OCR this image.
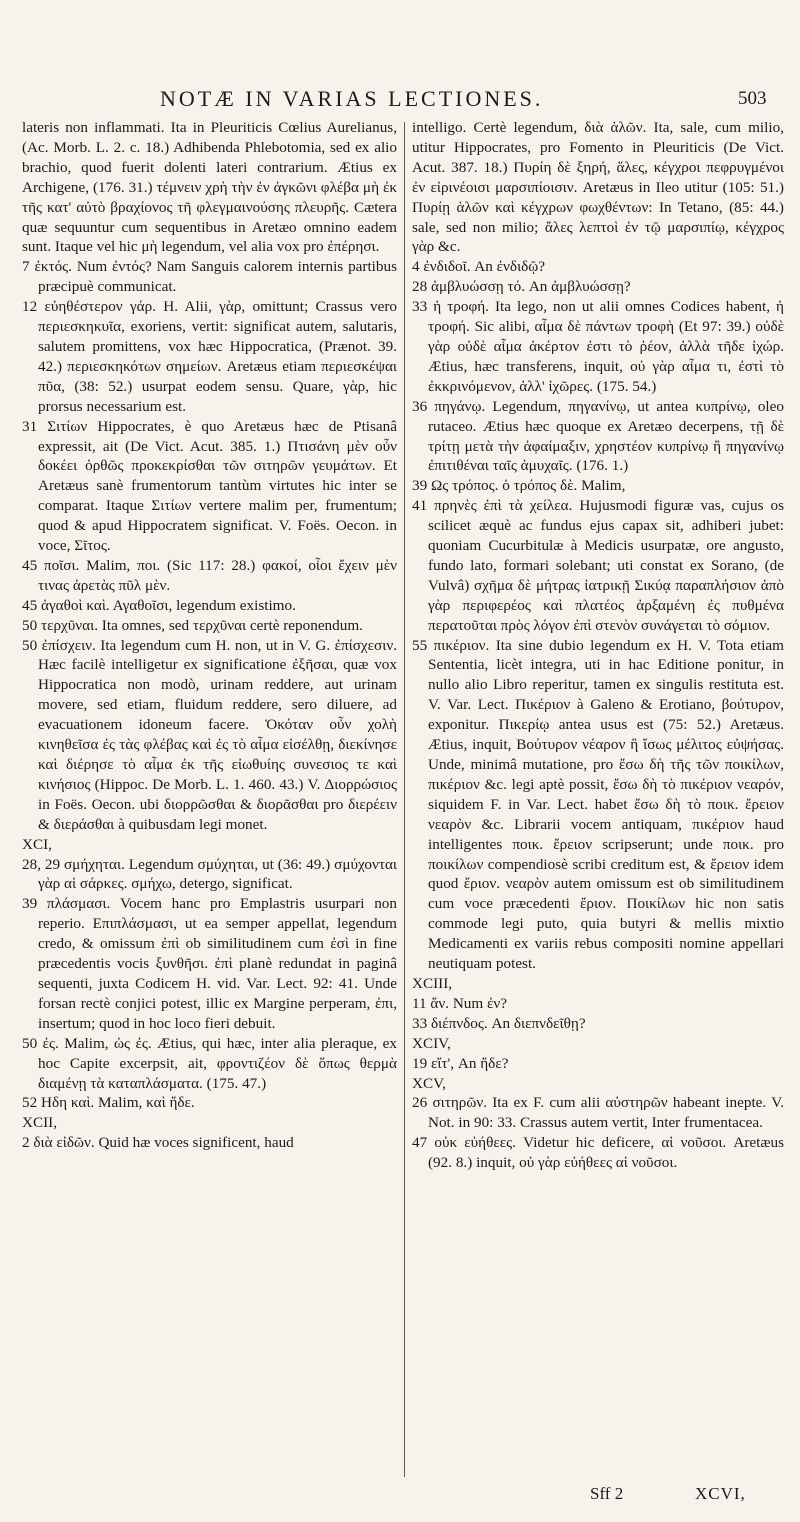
NOTÆ IN VARIAS LECTIONES.	503
lateris non inflammati. Ita in Pleuriticis Cœlius Aurelianus, (Ac. Morb. L. 2. c. 18.) Adhibenda Phlebotomia, sed ex alio brachio, quod fuerit dolenti lateri contrarium. Ætius ex Archigene, (176. 31.) τέμνειν χρὴ τὴν ἐν ἀγκῶνι φλέβα μὴ ἐκ τῆς κατ' αὐτὸ βραχίονος τῆ φλεγμαινούσης πλευρῆς. Cætera quæ sequuntur cum sequentibus in Aretæo omnino eadem sunt. Itaque vel hic μὴ legendum, vel alia vox pro ἐπέρησι.
7 ἐκτός. Num ἐντός? Nam Sanguis calorem internis partibus præcipuè communicat.
12 εὐηθέστερον γάρ. H. Alii, γὰρ, omittunt; Crassus vero περιεσκηκυῖα, exoriens, vertit: significat autem, salutaris, salutem promittens, vox hæc Hippocratica, (Prænot. 39. 42.) περιεσκηκότων σημείων. Aretæus etiam περιεσκέψαι πῦα, (38: 52.) usurpat eodem sensu. Quare, γὰρ, hic prorsus necessarium est.
31 Σιτίων Hippocrates, è quo Aretæus hæc de Ptisanâ expressit, ait (De Vict. Acut. 385. 1.) Πτισάνη μὲν οὖν δοκέει ὀρθῶς προκεκρίσθαι τῶν σιτηρῶν γευμάτων. Et Aretæus sanè frumentorum tantùm virtutes hic inter se comparat. Itaque Σιτίων vertere malim per, frumentum; quod & apud Hippocratem significat. V. Foës. Oecon. in voce, Σῖτος.
45 ποῖσι. Malim, ποι. (Sic 117: 28.) φακοί, οἶοι ἔχειν μὲν τινας ἀρετὰς πῦλ μὲν.
45 ἀγαθοὶ καὶ. Αγαθοῖσι, legendum existimo.
50 τερχῦναι. Ita omnes, sed τερχῦναι certè reponendum.
50 ἐπίσχειν. Ita legendum cum H. non, ut in V. G. ἐπίσχεσιν. Hæc facilè intelligetur ex significatione ἐξῆσαι, quæ vox Hippocratica non modò, urinam reddere, aut urinam movere, sed etiam, fluidum reddere, sero diluere, ad evacuationem idoneum facere. Ὁκόταν οὖν χολὴ κινηθεῖσα ἐς τὰς φλέβας καὶ ἐς τὸ αἷμα εἰσέλθῃ, διεκίνησε καὶ διέρησε τὸ αἷμα ἐκ τῆς εἰωθυίης συνεσιος τε καὶ κινήσιος (Hippoc. De Morb. L. 1. 460. 43.) V. Διορρώσιος in Foës. Oecon. ubi διορρῶσθαι & διορᾶσθαι pro διερέειν & διεράσθαι à quibusdam legi monet.
XCI,
28, 29 σμήχηται. Legendum σμύχηται, ut (36: 49.) σμύχονται γὰρ αἱ σάρκες. σμήχω, detergo, significat.
39 πλάσμασι. Vocem hanc pro Emplastris usurpari non reperio. Επιπλάσμασι, ut ea semper appellat, legendum credo, & omissum ἐπὶ ob similitudinem cum ἐσὶ in fine præcedentis vocis ξυνθῆσι. ἐπὶ planè redundat in paginâ sequenti, juxta Codicem H. vid. Var. Lect. 92: 41. Unde forsan rectè conjici potest, illic ex Margine perperam, ἐπι, insertum; quod in hoc loco fieri debuit.
50 ἐς. Malim, ὡς ἐς. Ætius, qui hæc, inter alia pleraque, ex hoc Capite excerpsit, ait, φροντιζέον δὲ ὅπως θερμὰ διαμένῃ τὰ καταπλάσματα. (175. 47.)
52 Ηδη καὶ. Malim, καὶ ἤδε.
XCII,
2 διὰ εἰδῶν. Quid hæ voces significent, haud
intelligo. Certè legendum, διὰ ἁλῶν. Ita, sale, cum milio, utitur Hippocrates, pro Fomento in Pleuriticis (De Vict. Acut. 387. 18.) Πυρίη δὲ ξηρή, ἅλες, κέγχροι πεφρυγμένοι ἐν εἰρινέοισι μαρσιπίοισιν. Aretæus in Ileo utitur (105: 51.) Πυρίῃ ἁλῶν καὶ κέγχρων φωχθέντων: In Tetano, (85: 44.) sale, sed non milio; ἅλες λεπτοὶ ἐν τῷ μαρσιπίῳ, κέγχρος γὰρ &c.
4 ἐνδιδοῖ. An ἐνδιδῷ?
28 ἀμβλυώσσῃ τό. An ἀμβλυώσσῃ?
33 ἡ τροφή. Ita lego, non ut alii omnes Codices habent, ἡ τροφή. Sic alibi, αἷμα δὲ πάντων τροφὴ (Et 97: 39.) οὐδὲ γὰρ οὐδὲ αἷμα ἀκέρτον ἐστι τὸ ῥέον, ἀλλὰ τῆδε ἰχώρ. Ætius, hæc transferens, inquit, οὐ γὰρ αἷμα τι, ἐστὶ τὸ ἐκκρινόμενον, ἀλλ' ἰχῶρες. (175. 54.)
36 πηγάνῳ. Legendum, πηγανίνῳ, ut antea κυπρίνῳ, oleo rutaceo. Ætius hæc quoque ex Aretæo decerpens, τῇ δὲ τρίτῃ μετὰ τὴν ἀφαίμαξιν, χρηστέον κυπρίνῳ ἢ πηγανίνῳ ἐπιτιθέναι ταῖς ἀμυχαῖς. (176. 1.)
39 Ως τρόπος. ὁ τρόπος δὲ. Malim,
41 πρηνὲς ἐπὶ τὰ χείλεα. Hujusmodi figuræ vas, cujus os scilicet æquè ac fundus ejus capax sit, adhiberi jubet: quoniam Cucurbitulæ à Medicis usurpatæ, ore angusto, fundo lato, formari solebant; uti constat ex Sorano, (de Vulvâ) σχῆμα δὲ μήτρας ἰατρικῇ Σικύᾳ παραπλήσιον ἀπὸ γὰρ περιφερέος καὶ πλατέος ἀρξαμένη ἐς πυθμένα περατοῦται πρὸς λόγον ἐπὶ στενὸν συνάγεται τὸ σόμιον.
55 πικέριον. Ita sine dubio legendum ex H. V. Tota etiam Sententia, licèt integra, uti in hac Editione ponitur, in nullo alio Libro reperitur, tamen ex singulis restituta est. V. Var. Lect. Πικέριον à Galeno & Erotiano, βούτυρον, exponitur. Πικερίῳ antea usus est (75: 52.) Aretæus. Ætius, inquit, Βούτυρον νέαρον ἢ ἴσως μέλιτος εὐψήσας. Unde, minimâ mutatione, pro ἔσω δὴ τῆς τῶν ποικίλων, πικέριον &c. legi aptè possit, ἔσω δὴ τὸ πικέριον νεαρόν, siquidem F. in Var. Lect. habet ἔσω δὴ τὸ ποικ. ἔρειον νεαρὸν &c. Librarii vocem antiquam, πικέριον haud intelligentes ποικ. ἔρειον scripserunt; unde ποικ. pro ποικίλων compendiosè scribi creditum est, & ἔρειον idem quod ἔριον. νεαρὸν autem omissum est ob similitudinem cum voce præcedenti ἔριον. Ποικίλων hic non satis commode legi puto, quia butyri & mellis mixtio Medicamenti ex variis rebus compositi nomine appellari neutiquam potest.
XCIII,
11 ἄν. Num ἐν?
33 διέπνδος. An διεπνδεῖθῃ?
XCIV,
19 εἴτ', An ἤδε?
XCV,
26 σιτηρῶν. Ita ex F. cum alii αὐστηρῶν habeant inepte. V. Not. in 90: 33. Crassus autem vertit, Inter frumentacea.
47 οὐκ εὐήθεες. Videtur hic deficere, αἱ νοῦσοι. Aretæus (92. 8.) inquit, οὐ γὰρ εὐήθεες αἱ νοῦσοι.
Sff 2	XCVI,
